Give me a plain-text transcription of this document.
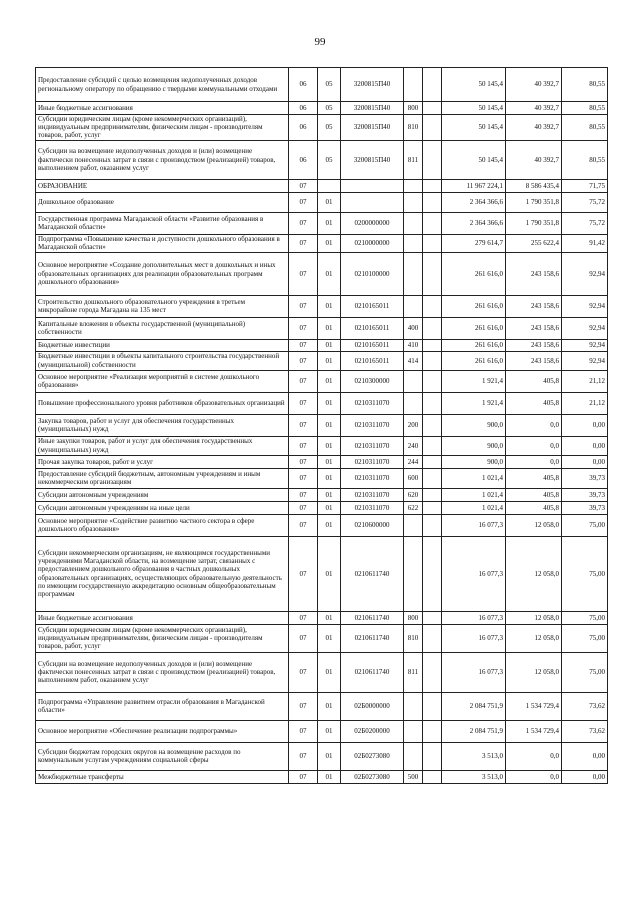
99
Предоставление субсидий с целью возмещения недополученных доходов региональному оператору по обращению с твердыми коммунальными отходами	06	05	3200815П40			50 145,4	40 392,7	80,55
Иные бюджетные ассигнования	06	05	3200815П40	800		50 145,4	40 392,7	80,55
Субсидии юридическим лицам (кроме некоммерческих организаций), индивидуальным предпринимателям, физическим лицам - производителям товаров, работ, услуг	06	05	3200815П40	810		50 145,4	40 392,7	80,55
Субсидии на возмещение недополученных доходов и (или) возмещение фактически понесенных затрат в связи с производством (реализацией) товаров, выполнением работ, оказанием услуг	06	05	3200815П40	811		50 145,4	40 392,7	80,55
ОБРАЗОВАНИЕ	07					11 967 224,1	8 586 435,4	71,75
Дошкольное образование	07	01				2 364 366,6	1 790 351,8	75,72
Государственная программа Магаданской области «Развитие образования в Магаданской области»	07	01	0200000000			2 364 366,6	1 790 351,8	75,72
Подпрограмма «Повышение качества и доступности дошкольного образования в Магаданской области»	07	01	0210000000			279 614,7	255 622,4	91,42
Основное мероприятие «Создание дополнительных мест в дошкольных и иных образовательных организациях для реализации образовательных программ дошкольного образования»	07	01	0210100000			261 616,0	243 158,6	92,94
Строительство дошкольного образовательного учреждения в третьем микрорайоне города Магадана на 135 мест	07	01	0210165011			261 616,0	243 158,6	92,94
Капитальные вложения в объекты государственной (муниципальной) собственности	07	01	0210165011	400		261 616,0	243 158,6	92,94
Бюджетные инвестиции	07	01	0210165011	410		261 616,0	243 158,6	92,94
Бюджетные инвестиции в объекты капитального строительства государственной (муниципальной) собственности	07	01	0210165011	414		261 616,0	243 158,6	92,94
Основное мероприятие «Реализация мероприятий в системе дошкольного образования»	07	01	0210300000			1 921,4	405,8	21,12
Повышение профессионального уровня работников образовательных организаций	07	01	0210311070			1 921,4	405,8	21,12
Закупка товаров, работ и услуг для обеспечения государственных (муниципальных) нужд	07	01	0210311070	200		900,0	0,0	0,00
Иные закупки товаров, работ и услуг для обеспечения государственных (муниципальных) нужд	07	01	0210311070	240		900,0	0,0	0,00
Прочая закупка товаров, работ и услуг	07	01	0210311070	244		900,0	0,0	0,00
Предоставление субсидий бюджетным, автономным учреждениям и иным некоммерческим организациям	07	01	0210311070	600		1 021,4	405,8	39,73
Субсидии автономным учреждениям	07	01	0210311070	620		1 021,4	405,8	39,73
Субсидии автономным учреждениям на иные цели	07	01	0210311070	622		1 021,4	405,8	39,73
Основное мероприятие «Содействие развитию частного сектора в сфере дошкольного образования»	07	01	0210600000			16 077,3	12 058,0	75,00
Субсидии некоммерческим организациям, не являющимся государственными учреждениями Магаданской области, на возмещение затрат, связанных с предоставлением дошкольного образования в частных дошкольных образовательных организациях, осуществляющих образовательную деятельность по имеющим государственную аккредитацию основным общеобразовательным программам	07	01	0210611740			16 077,3	12 058,0	75,00
Иные бюджетные ассигнования	07	01	0210611740	800		16 077,3	12 058,0	75,00
Субсидии юридическим лицам (кроме некоммерческих организаций), индивидуальным предпринимателям, физическим лицам - производителям товаров, работ, услуг	07	01	0210611740	810		16 077,3	12 058,0	75,00
Субсидии на возмещение недополученных доходов и (или) возмещение фактически понесенных затрат в связи с производством (реализацией) товаров, выполнением работ, оказанием услуг	07	01	0210611740	811		16 077,3	12 058,0	75,00
Подпрограмма «Управление развитием отрасли образования в Магаданской области»	07	01	02Б0000000			2 084 751,9	1 534 729,4	73,62
Основное мероприятие «Обеспечение реализации подпрограммы»	07	01	02Б0200000			2 084 751,9	1 534 729,4	73,62
Субсидии бюджетам городских округов на возмещение расходов по коммунальным услугам учреждениям социальной сферы	07	01	02Б0273080			3 513,0	0,0	0,00
Межбюджетные трансферты	07	01	02Б0273080	500		3 513,0	0,0	0,00
